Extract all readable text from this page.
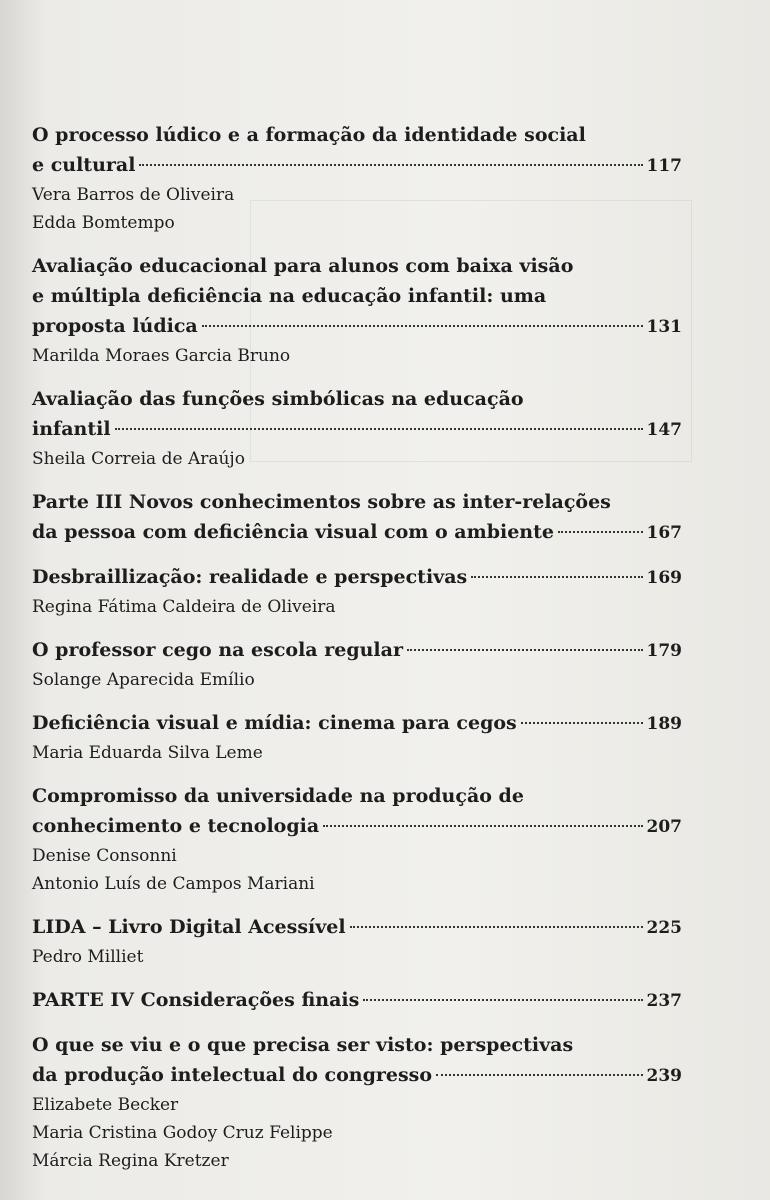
O processo lúdico e a formação da identidade social
e cultural	117
Vera Barros de Oliveira
Edda Bomtempo
Avaliação educacional para alunos com baixa visão
e múltipla deficiência na educação infantil: uma
proposta lúdica	131
Marilda Moraes Garcia Bruno
Avaliação das funções simbólicas na educação
infantil	147
Sheila Correia de Araújo
Parte III Novos conhecimentos sobre as inter-relações
da pessoa com deficiência visual com o ambiente	167
Desbraillização: realidade e perspectivas	169
Regina Fátima Caldeira de Oliveira
O professor cego na escola regular	179
Solange Aparecida Emílio
Deficiência visual e mídia: cinema para cegos	189
Maria Eduarda Silva Leme
Compromisso da universidade na produção de
conhecimento e tecnologia	207
Denise Consonni
Antonio Luís de Campos Mariani
LIDA – Livro Digital Acessível	225
Pedro Milliet
PARTE IV Considerações finais	237
O que se viu e o que precisa ser visto: perspectivas
da produção intelectual do congresso	239
Elizabete Becker
Maria Cristina Godoy Cruz Felippe
Márcia Regina Kretzer
